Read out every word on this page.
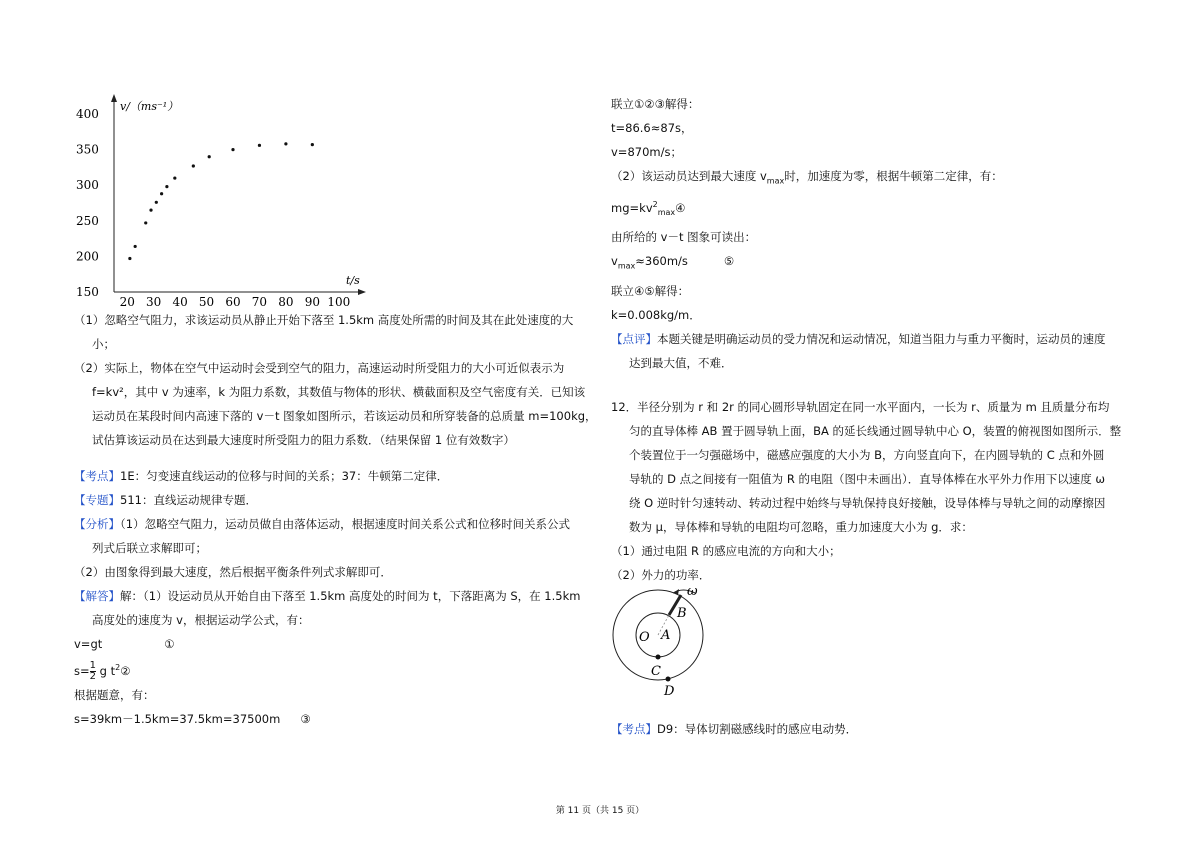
v/（ms⁻¹）
t/s
400
350
300
250
200
150
20 30 40 50 60 70 80 90 100
（1）忽略空气阻力，求该运动员从静止开始下落至 1.5km 高度处所需的时间及其在此处速度的大
小；
（2）实际上，物体在空气中运动时会受到空气的阻力，高速运动时所受阻力的大小可近似表示为
f=kv²，其中 v 为速率，k 为阻力系数，其数值与物体的形状、横截面积及空气密度有关．已知该
运动员在某段时间内高速下落的 v－t 图象如图所示，若该运动员和所穿装备的总质量 m=100kg，
试估算该运动员在达到最大速度时所受阻力的阻力系数．（结果保留 1 位有效数字）
【考点】1E：匀变速直线运动的位移与时间的关系；37：牛顿第二定律．
【专题】511：直线运动规律专题．
【分析】（1）忽略空气阻力，运动员做自由落体运动，根据速度时间关系公式和位移时间关系公式
列式后联立求解即可；
（2）由图象得到最大速度，然后根据平衡条件列式求解即可．
【解答】解：（1）设运动员从开始自由下落至 1.5km 高度处的时间为 t，下落距离为 S，在 1.5km
高度处的速度为 v，根据运动学公式，有：
v=gt	①
$s= \frac{1}{2}$ g $t^2②$
根据题意，有：
s=39km－1.5km=37.5km=37500m ③
联立①②③解得：
t=86.6≈87s，
v=870m/s；
（2）该运动员达到最大速度 $v_{max}$时，加速度为零，根据牛顿第二定律，有：
$mg=kv^2_{max}④$
由所给的 v－t 图象可读出：
$v_{max}\approx 360m/s$	⑤
联立④⑤解得：
k=0.008kg/m．
【点评】本题关键是明确运动员的受力情况和运动情况，知道当阻力与重力平衡时，运动员的速度
达到最大值，不难．
12．半径分别为 r 和 2r 的同心圆形导轨固定在同一水平面内，一长为 r、质量为 m 且质量分布均
匀的直导体棒 AB 置于圆导轨上面，BA 的延长线通过圆导轨中心 O，装置的俯视图如图所示．整
个装置位于一匀强磁场中，磁感应强度的大小为 B，方向竖直向下，在内圆导轨的 C 点和外圆
导轨的 D 点之间接有一阻值为 R 的电阻（图中未画出）．直导体棒在水平外力作用下以速度 ω
绕 O 逆时针匀速转动、转动过程中始终与导轨保持良好接触，设导体棒与导轨之间的动摩擦因
数为 μ，导体棒和导轨的电阻均可忽略，重力加速度大小为 g．求：
（1）通过电阻 R 的感应电流的方向和大小；
（2）外力的功率．
ω
B
O A
C
D
【考点】D9：导体切割磁感线时的感应电动势．
第 11 页（共 15 页）
